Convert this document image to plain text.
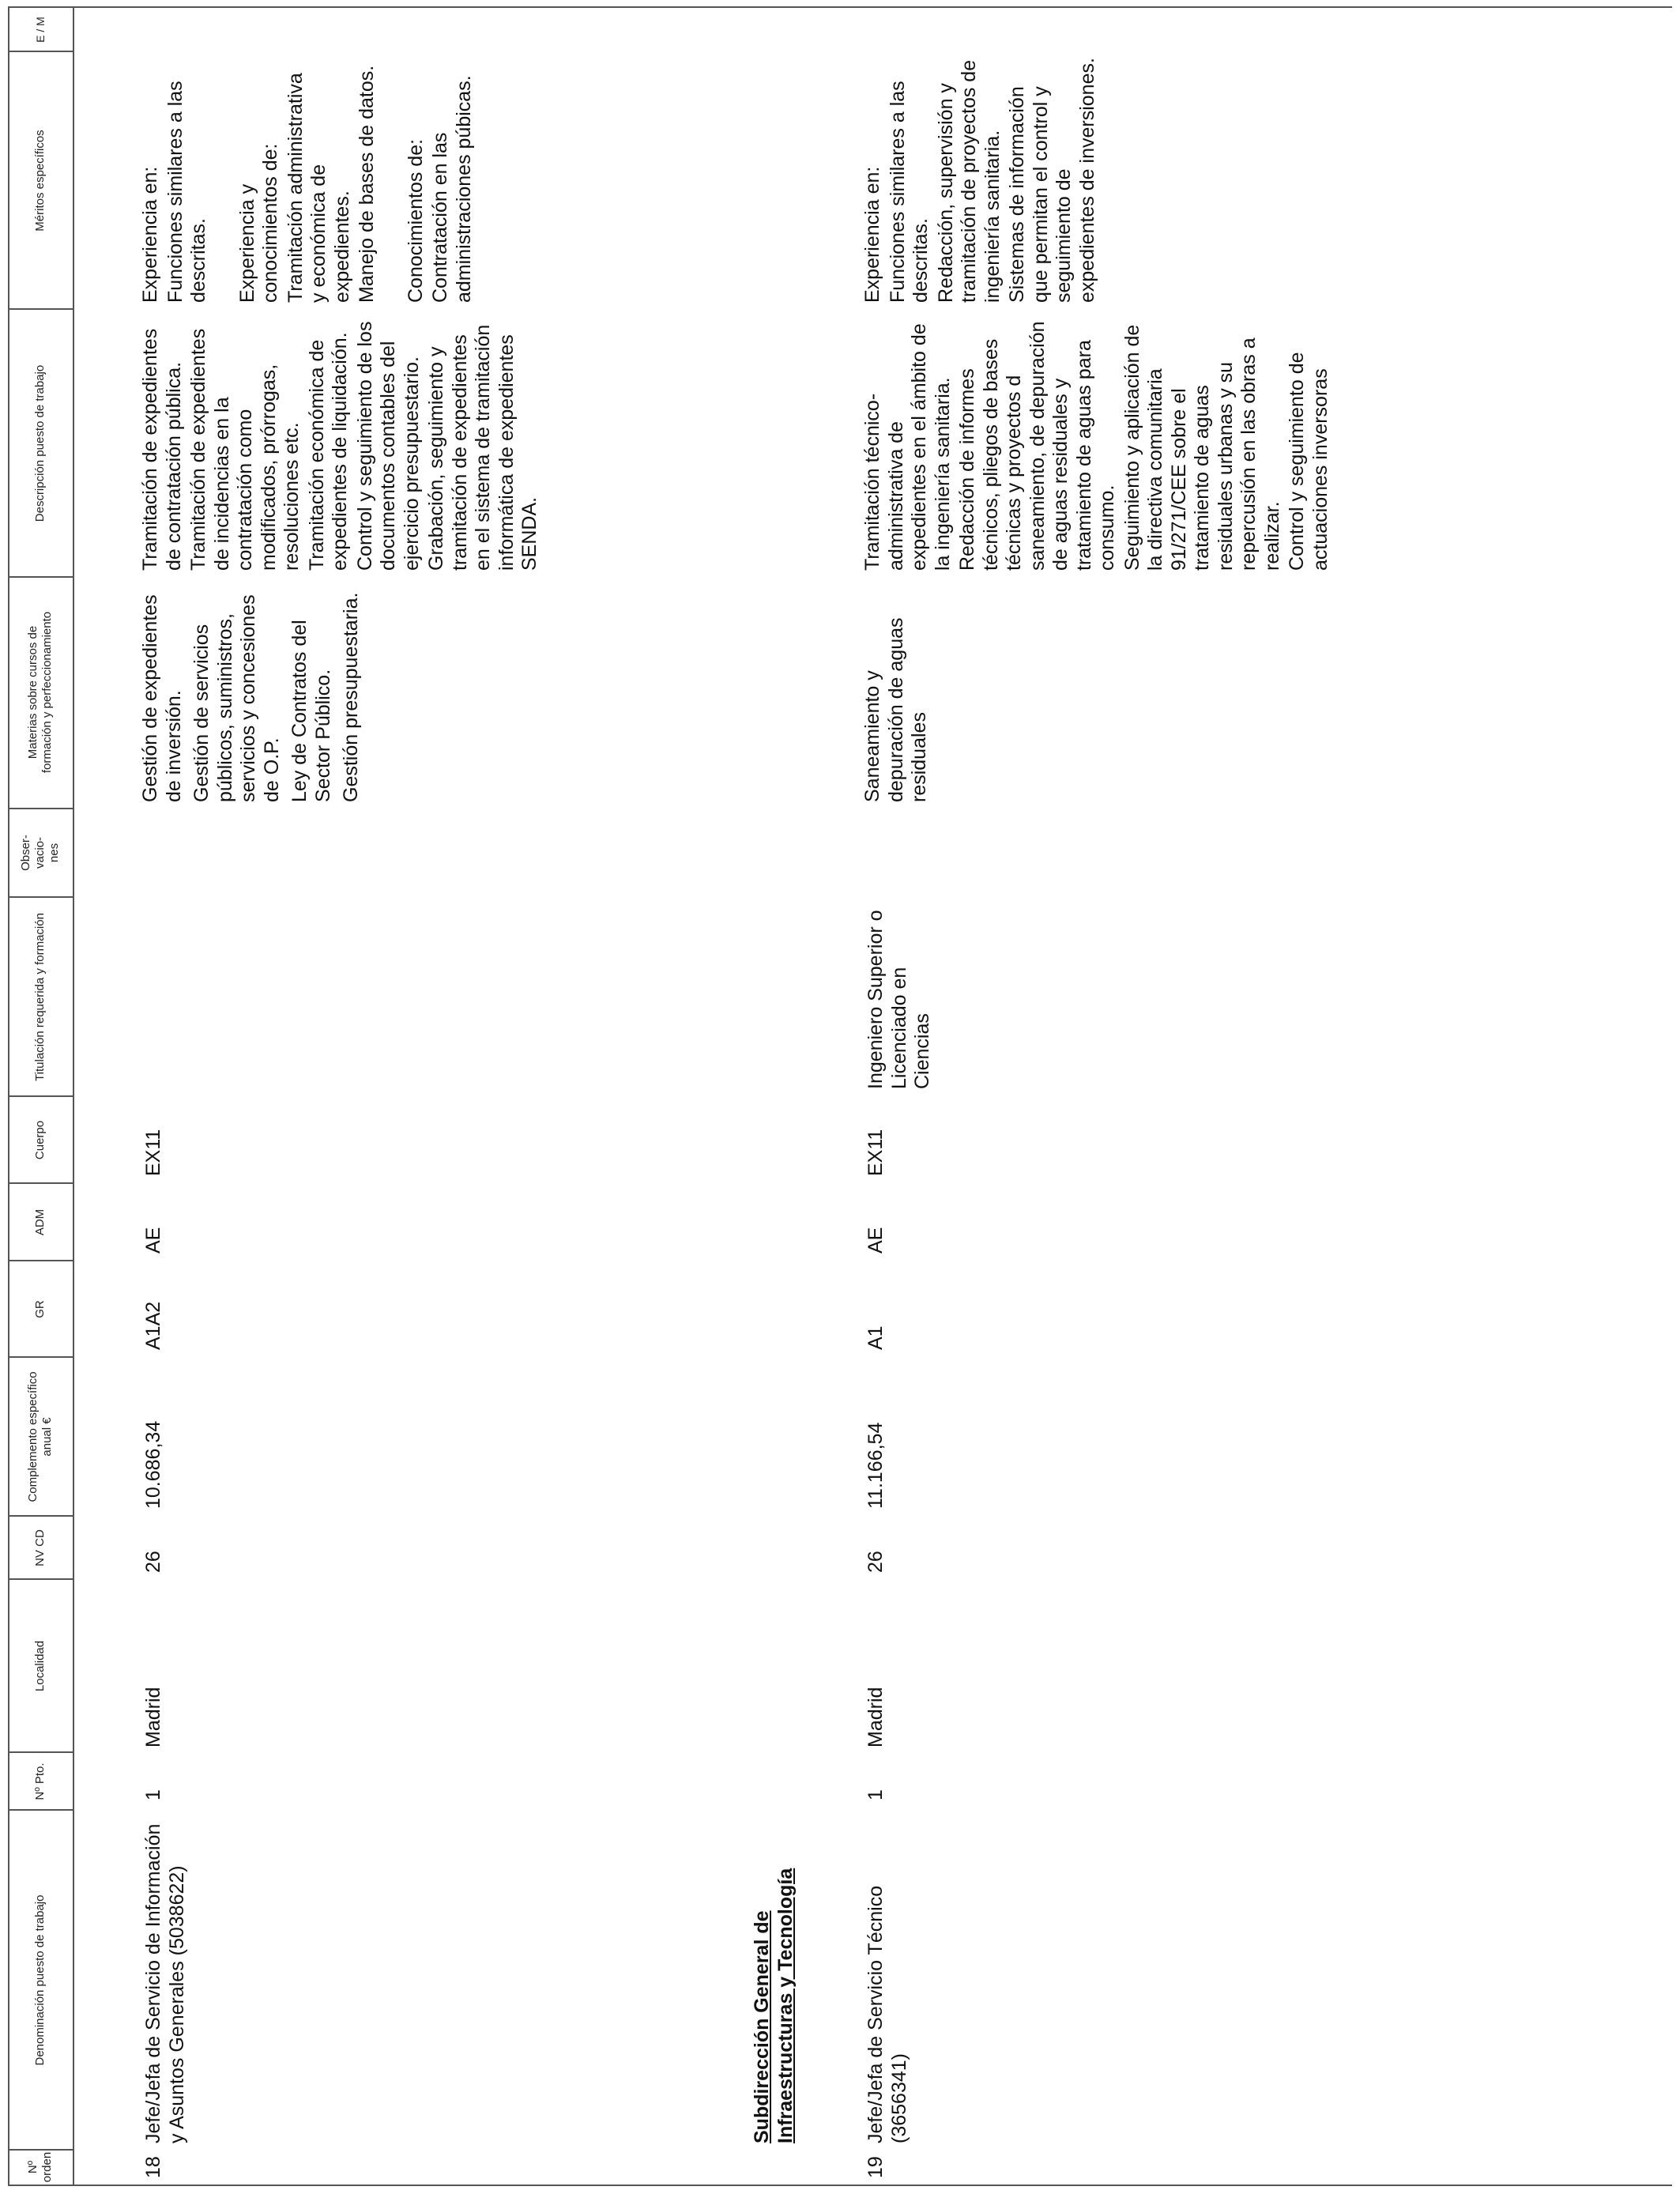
Nº orden
Denominación puesto de trabajo
Nº Pto.
Localidad
NV CD
Complemento específico anual €
GR
ADM
Cuerpo
Titulación requerida y formación
Obser-vacio-nes
Materias sobre cursos de formación y perfeccionamiento
Descripción puesto de trabajo
Méritos específicos
E / M
18
Jefe/Jefa de Servicio de Información y Asuntos Generales (5038622)
1
Madrid
26
10.686,34
A1A2
AE
EX11

Gestión de expedientes de inversión. Gestión de servicios públicos, suministros, servicios y concesiones de O.P. Ley de Contratos del Sector Público. Gestión presupuestaria.

Tramitación de expedientes de contratación pública. Tramitación de expedientes de incidencias en la contratación como modificados, prórrogas, resoluciones etc. Tramitación económica de expedientes de liquidación. Control y seguimiento de los documentos contables del ejercicio presupuestario. Grabación, seguimiento y tramitación de expedientes en el sistema de tramitación informática de expedientes SENDA.

Experiencia en: Funciones similares a las descritas. Experiencia y conocimientos de: Tramitación administrativa y económica de expedientes. Manejo de bases de datos. Conocimientos de: Contratación en las administraciones púbicas.

Subdirección General de Infraestructuras y Tecnología
19
Jefe/Jefa de Servicio Técnico (3656341)
1
Madrid
26
11.166,54
A1
AE
EX11
Ingeniero Superior o Licenciado en Ciencias

Saneamiento y depuración de aguas residuales

Tramitación técnico-administrativa de expedientes en el ámbito de la ingeniería sanitaria. Redacción de informes técnicos, pliegos de bases técnicas y proyectos d saneamiento, de depuración de aguas residuales y tratamiento de aguas para consumo. Seguimiento y aplicación de la directiva comunitaria 91/271/CEE sobre el tratamiento de aguas residuales urbanas y su repercusión en las obras a realizar. Control y seguimiento de actuaciones inversoras

Experiencia en: Funciones similares a las descritas. Redacción, supervisión y tramitación de proyectos de ingeniería sanitaria. Sistemas de información que permitan el control y seguimiento de expedientes de inversiones.
